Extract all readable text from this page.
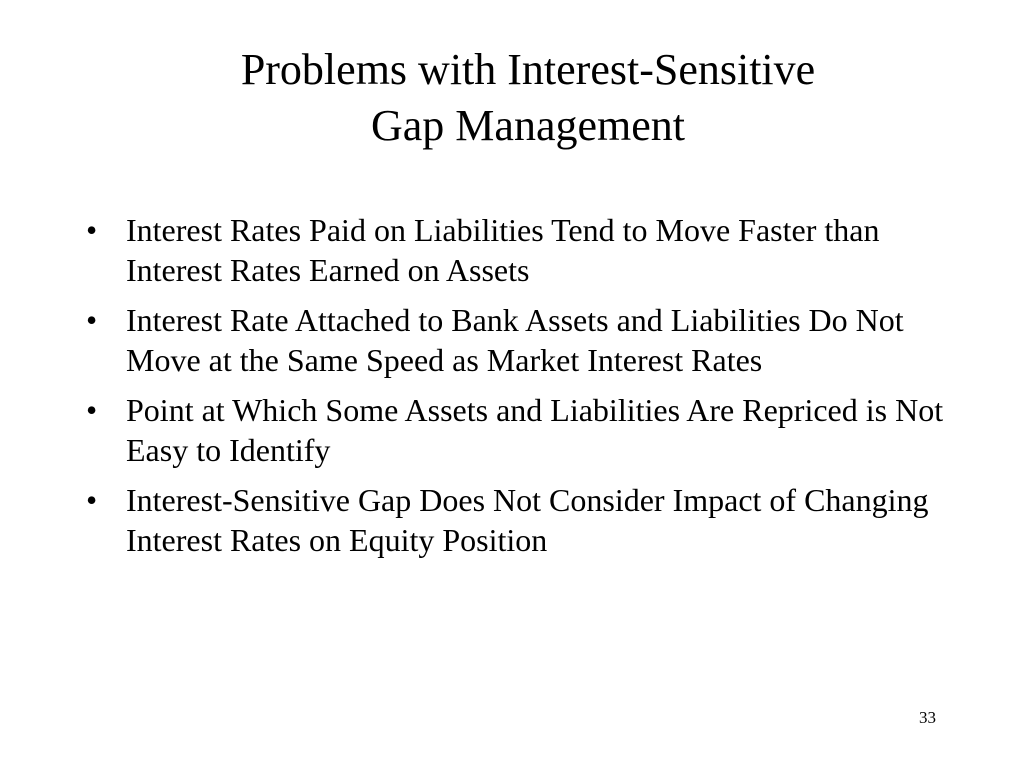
Problems with Interest-Sensitive
Gap Management
• Interest Rates Paid on Liabilities Tend to Move Faster than Interest Rates Earned on Assets
• Interest Rate Attached to Bank Assets and Liabilities Do Not Move at the Same Speed as Market Interest Rates
• Point at Which Some Assets and Liabilities Are Repriced is Not Easy to Identify
• Interest-Sensitive Gap Does Not Consider Impact of Changing Interest Rates on Equity Position
33
